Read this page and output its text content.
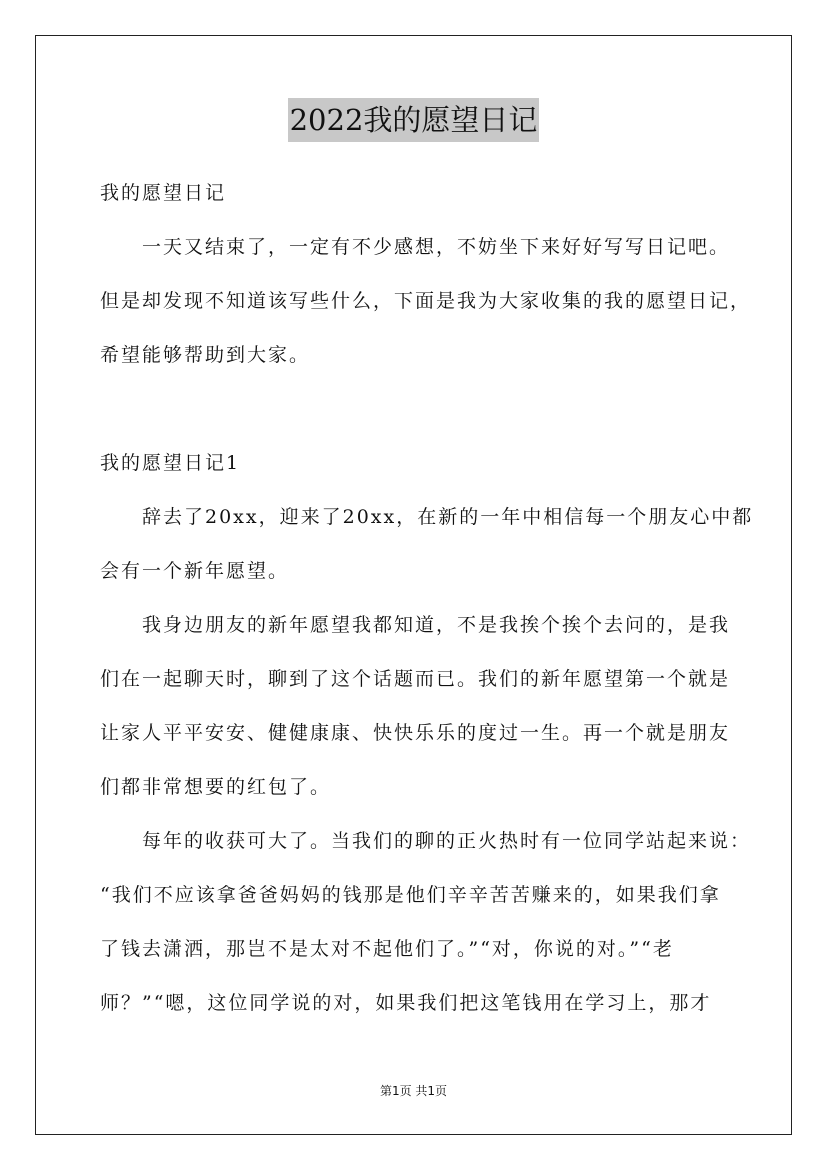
2022我的愿望日记
我的愿望日记
一天又结束了，一定有不少感想，不妨坐下来好好写写日记吧。
但是却发现不知道该写些什么，下面是我为大家收集的我的愿望日记，
希望能够帮助到大家。
我的愿望日记1
辞去了20xx，迎来了20xx，在新的一年中相信每一个朋友心中都
会有一个新年愿望。
我身边朋友的新年愿望我都知道，不是我挨个挨个去问的，是我
们在一起聊天时，聊到了这个话题而已。我们的新年愿望第一个就是
让家人平平安安、健健康康、快快乐乐的度过一生。再一个就是朋友
们都非常想要的红包了。
每年的收获可大了。当我们的聊的正火热时有一位同学站起来说：
“我们不应该拿爸爸妈妈的钱那是他们辛辛苦苦赚来的，如果我们拿
了钱去潇洒，那岂不是太对不起他们了。”“对，你说的对。”“老
师？”“嗯，这位同学说的对，如果我们把这笔钱用在学习上，那才
第1页 共1页
